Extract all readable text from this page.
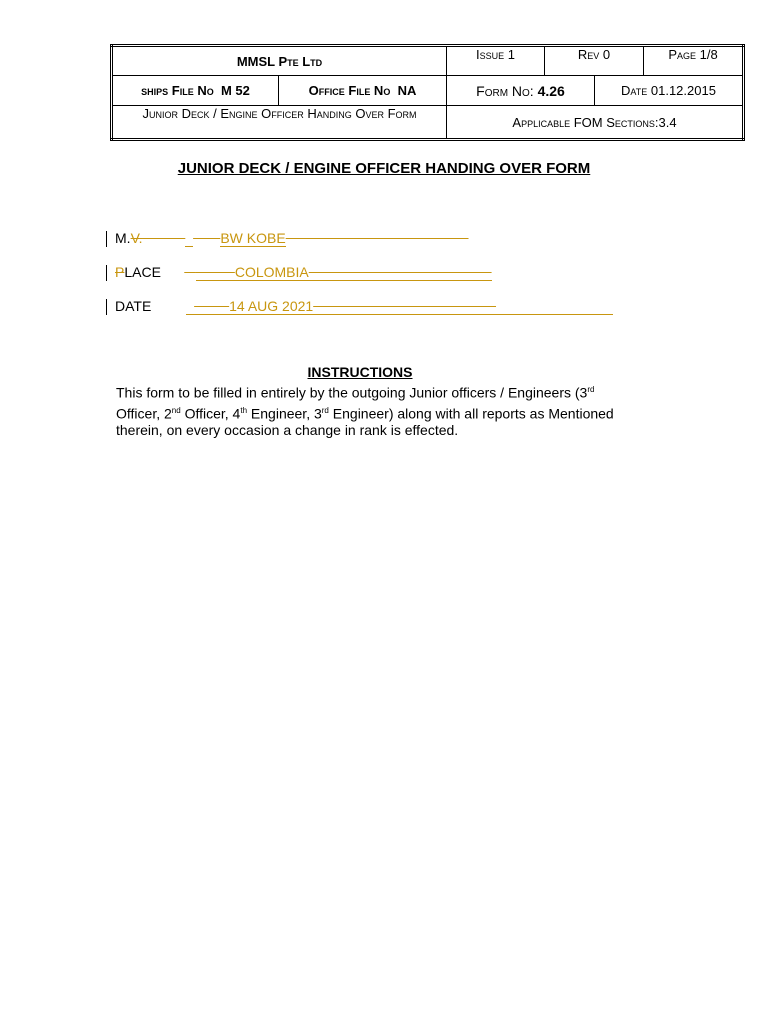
MMSL Pte Ltd		Issue 1	Rev 0		Page 1/8
ships File No M 52	Office File No NA	Form No: 4.26		Date 01.12.2015	
Junior Deck / Engine Officer Handing Over Form		Applicable FOM Sections:3.4			
JUNIOR DECK / ENGINE OFFICER HANDING OVER FORM
M.V.	BW KOBE
PLACE	COLOMBIA
DATE	14 AUG 2021
INSTRUCTIONS
This form to be filled in entirely by the outgoing Junior officers / Engineers (3rd
Officer, 2nd Officer, 4th Engineer, 3rd Engineer) along with all reports as Mentioned therein, on every occasion a change in rank is effected.
